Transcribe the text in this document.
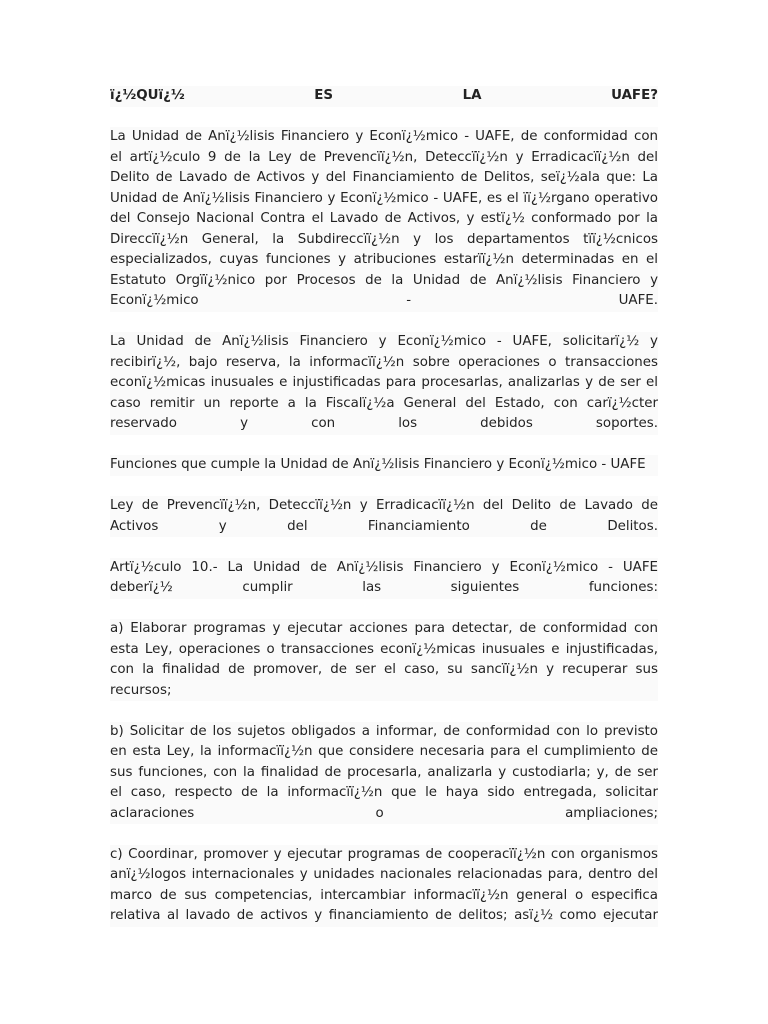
ï¿½QUï¿½ ES LA UAFE?
La Unidad de Anï¿½lisis Financiero y Econï¿½mico - UAFE, de conformidad con
el artï¿½culo 9 de la Ley de Prevencïï¿½n, Deteccïï¿½n y Erradicacïï¿½n del
Delito de Lavado de Activos y del Financiamiento de Delitos, seï¿½ala que: La
Unidad de Anï¿½lisis Financiero y Econï¿½mico - UAFE, es el ïï¿½rgano operativo
del Consejo Nacional Contra el Lavado de Activos, y estï¿½ conformado por la
Direccïï¿½n General, la Subdireccïï¿½n y los departamentos tïï¿½cnicos
especializados, cuyas funciones y atribuciones estarïï¿½n determinadas en el
Estatuto Orgïï¿½nico por Procesos de la Unidad de Anï¿½lisis Financiero y
Econï¿½mico - UAFE.
La Unidad de Anï¿½lisis Financiero y Econï¿½mico - UAFE, solicitarï¿½ y
recibirï¿½, bajo reserva, la informacïï¿½n sobre operaciones o transacciones
econï¿½micas inusuales e injustificadas para procesarlas, analizarlas y de ser el
caso remitir un reporte a la Fiscalï¿½a General del Estado, con carï¿½cter
reservado y con los debidos soportes.
Funciones que cumple la Unidad de Anï¿½lisis Financiero y Econï¿½mico - UAFE
Ley de Prevencïï¿½n, Deteccïï¿½n y Erradicacïï¿½n del Delito de Lavado de
Activos y del Financiamiento de Delitos.
Artï¿½culo 10.- La Unidad de Anï¿½lisis Financiero y Econï¿½mico - UAFE
deberï¿½ cumplir las siguientes funciones:
a) Elaborar programas y ejecutar acciones para detectar, de conformidad con
esta Ley, operaciones o transacciones econï¿½micas inusuales e injustificadas,
con la finalidad de promover, de ser el caso, su sancïï¿½n y recuperar sus
recursos;
b) Solicitar de los sujetos obligados a informar, de conformidad con lo previsto
en esta Ley, la informacïï¿½n que considere necesaria para el cumplimiento de
sus funciones, con la finalidad de procesarla, analizarla y custodiarla; y, de ser
el caso, respecto de la informacïï¿½n que le haya sido entregada, solicitar
aclaraciones o ampliaciones;
c) Coordinar, promover y ejecutar programas de cooperacïï¿½n con organismos
anï¿½logos internacionales y unidades nacionales relacionadas para, dentro del
marco de sus competencias, intercambiar informacïï¿½n general o especifica
relativa al lavado de activos y financiamiento de delitos; asï¿½ como ejecutar
